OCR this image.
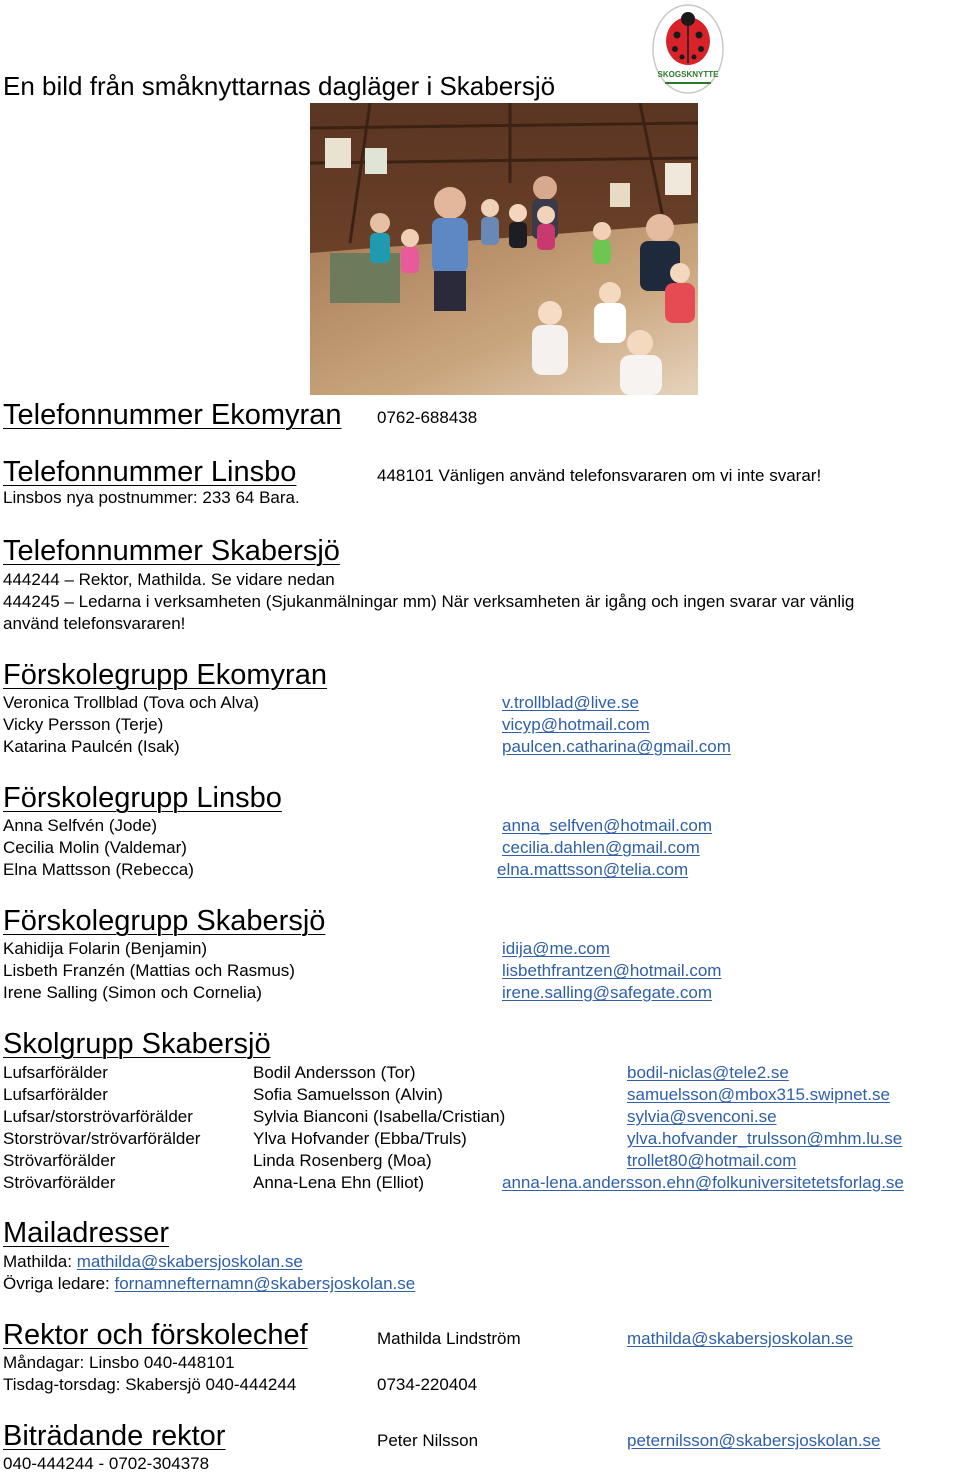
SKOGSKNYTTE
En bild från småknyttarnas dagläger i Skabersjö
Telefonnummer Ekomyran 0762-688438
Telefonnummer Linsbo	448101 Vänligen använd telefonsvararen om vi inte svarar!
Linsbos nya postnummer: 233 64 Bara.
Telefonnummer Skabersjö
444244 – Rektor, Mathilda. Se vidare nedan
444245 – Ledarna i verksamheten (Sjukanmälningar mm) När verksamheten är igång och ingen svarar var vänlig
använd telefonsvararen!
Förskolegrupp Ekomyran
Veronica Trollblad (Tova och Alva)	v.trollblad@live.se
Vicky Persson (Terje)	vicyp@hotmail.com
Katarina Paulcén (Isak)	paulcen.catharina@gmail.com
Förskolegrupp Linsbo
Anna Selfvén (Jode)	anna_selfven@hotmail.com
Cecilia Molin (Valdemar)	cecilia.dahlen@gmail.com
Elna Mattsson (Rebecca)	elna.mattsson@telia.com
Förskolegrupp Skabersjö
Kahidija Folarin (Benjamin)	idija@me.com
Lisbeth Franzén (Mattias och Rasmus)	lisbethfrantzen@hotmail.com
Irene Salling (Simon och Cornelia)	irene.salling@safegate.com
Skolgrupp Skabersjö
Lufsarförälder	Bodil Andersson (Tor)	bodil-niclas@tele2.se
Lufsarförälder	Sofia Samuelsson (Alvin)	samuelsson@mbox315.swipnet.se
Lufsar/storströvarförälder	Sylvia Bianconi (Isabella/Cristian)	sylvia@svenconi.se
Storströvar/strövarförälder	Ylva Hofvander (Ebba/Truls)	ylva.hofvander_trulsson@mhm.lu.se
Strövarförälder	Linda Rosenberg (Moa)	trollet80@hotmail.com
Strövarförälder	Anna-Lena Ehn (Elliot)	anna-lena.andersson.ehn@folkuniversitetetsforlag.se
Mailadresser
Mathilda: mathilda@skabersjoskolan.se
Övriga ledare: fornamnefternamn@skabersjoskolan.se
Rektor och förskolechef	Mathilda Lindström	mathilda@skabersjoskolan.se
Måndagar: Linsbo 040-448101
Tisdag-torsdag: Skabersjö 040-444244	0734-220404
Biträdande rektor	Peter Nilsson	peternilsson@skabersjoskolan.se
040-444244 - 0702-304378
